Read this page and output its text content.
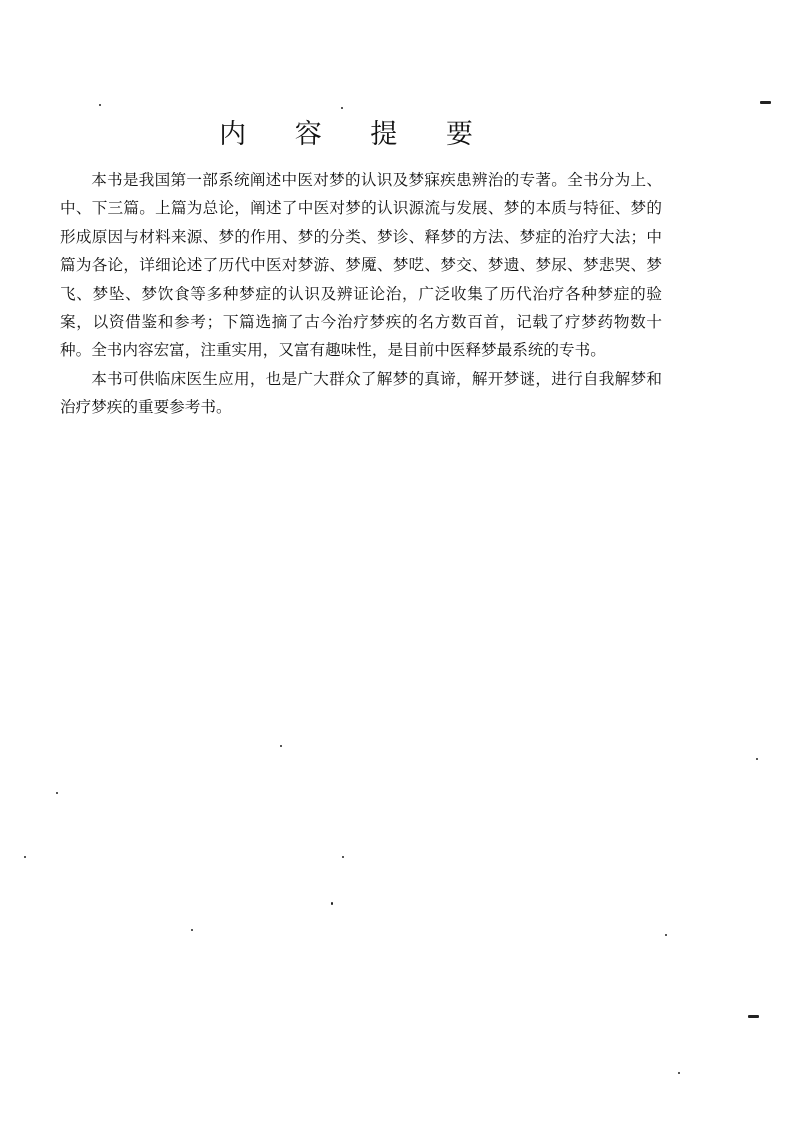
内 容 提 要

本书是我国第一部系统阐述中医对梦的认识及梦寐疾患辨治的专著。全书分为上、中、下三篇。上篇为总论，阐述了中医对梦的认识源流与发展、梦的本质与特征、梦的形成原因与材料来源、梦的作用、梦的分类、梦诊、释梦的方法、梦症的治疗大法；中篇为各论，详细论述了历代中医对梦游、梦魇、梦呓、梦交、梦遗、梦尿、梦悲哭、梦飞、梦坠、梦饮食等多种梦症的认识及辨证论治，广泛收集了历代治疗各种梦症的验案，以资借鉴和参考；下篇选摘了古今治疗梦疾的名方数百首，记载了疗梦药物数十种。全书内容宏富，注重实用，又富有趣味性，是目前中医释梦最系统的专书。

本书可供临床医生应用，也是广大群众了解梦的真谛，解开梦谜，进行自我解梦和治疗梦疾的重要参考书。
